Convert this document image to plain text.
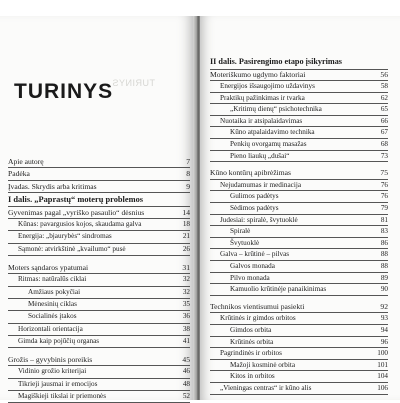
TURINYS
TURINYS
Apie autorę	7
Padėka	8
Įvadas. Skrydis arba kritimas	9
I dalis. „Paprastų“ moterų problemos
Gyvenimas pagal „vyriško pasaulio“ dėsnius	14
Kūnas: pavargusios kojos, skaudama galva	18
Energija: „bjaurybės“ sindromas	21
Sąmonė: atvirkštinė „kvailumo“ pusė	26
Moters sąndaros ypatumai	31
Ritmas: natūralūs ciklai	32
Amžiaus pokyčiai	32
Mėnesinių ciklas	35
Socialinės įtakos	36
Horizontali orientacija	38
Gimda kaip pojūčių organas	41
Grožis – gyvybinis poreikis	45
Vidinio grožio kriterijai	46
Tikrieji jausmai ir emocijos	48
Magiškieji tikslai ir priemonės	52
II dalis. Pasirengimo etapo įsikyrimas
Moteriškumo ugdymo faktoriai	56
Energijos išsaugojimo uždavinys	58
Praktikų pažinkimas ir tvarka	62
„Kritimų dienų“ psichotechnika	65
Nuotaika ir atsipalaidavimas	66
Kūno atpalaidavimo technika	67
Penkių ovorgamų masažas	68
Pieno liaukų „dušai“	73
Kūno kontūrų apibrėžimas	75
Nejudamumas ir medinacija	76
Gulimos padėtys	76
Sėdimos padėtys	79
Judesiai: spiralė, švytuoklė	81
Spiralė	83
Švytuoklė	86
Galva – krūtinė – pilvas	88
Galvos monada	88
Pilvo monada	89
Kamuolio krūtinėje panaikinimas	90
Technikos vientisumui pasiekti	92
Krūtinės ir gimdos orbitos	93
Gimdos orbita	94
Krūtinės orbita	96
Pagrindinės ir orbitos	100
Mažoji kosminė orbita	101
Kitos in orbitos	104
„Vieningas centras“ ir kūno alis	106
